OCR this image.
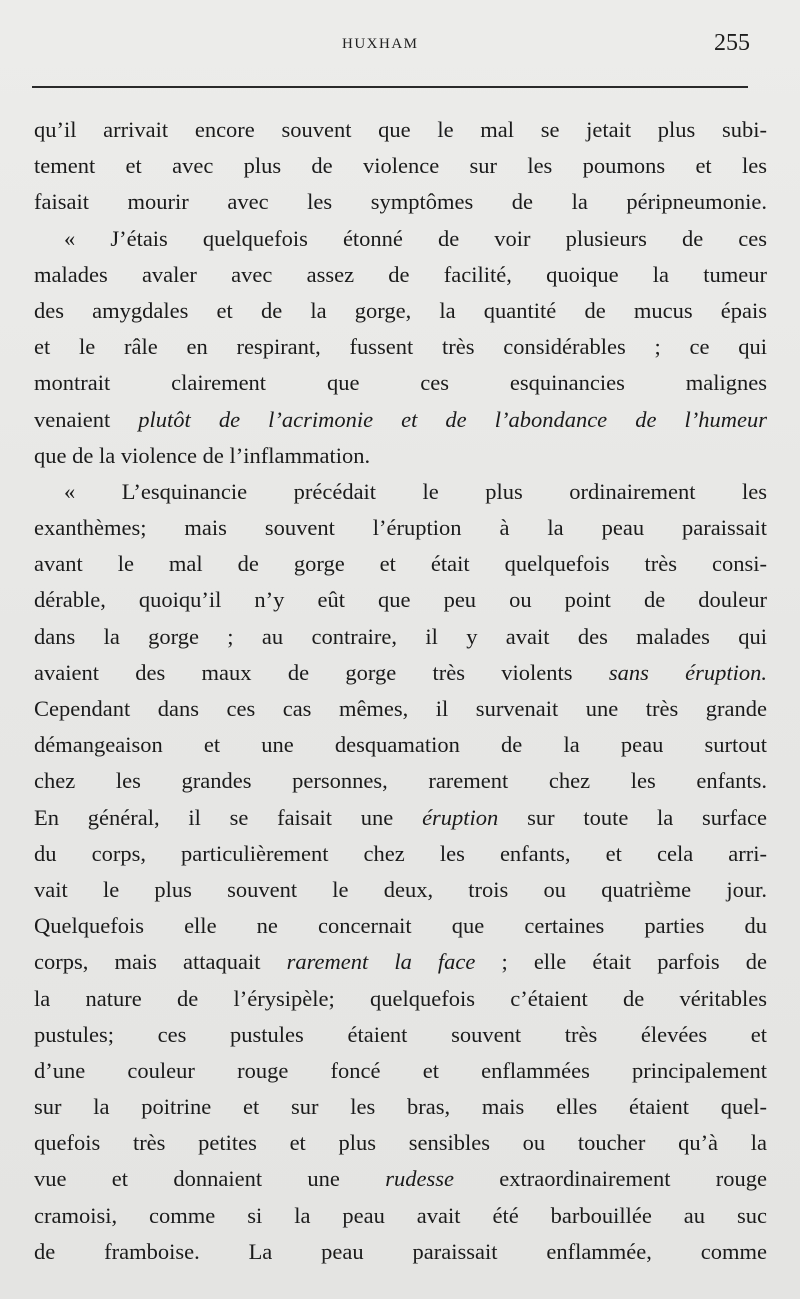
HUXHAM	255
qu’il arrivait encore souvent que le mal se jetait plus subi-
tement et avec plus de violence sur les poumons et les
faisait mourir avec les symptômes de la péripneumonie.
« J’étais quelquefois étonné de voir plusieurs de ces
malades avaler avec assez de facilité, quoique la tumeur
des amygdales et de la gorge, la quantité de mucus épais
et le râle en respirant, fussent très considérables ; ce qui
montrait clairement que ces esquinancies malignes
venaient plutôt de l’acrimonie et de l’abondance de l’humeur
que de la violence de l’inflammation.
« L’esquinancie précédait le plus ordinairement les
exanthèmes; mais souvent l’éruption à la peau paraissait
avant le mal de gorge et était quelquefois très consi-
dérable, quoiqu’il n’y eût que peu ou point de douleur
dans la gorge ; au contraire, il y avait des malades qui
avaient des maux de gorge très violents sans éruption.
Cependant dans ces cas mêmes, il survenait une très grande
démangeaison et une desquamation de la peau surtout
chez les grandes personnes, rarement chez les enfants.
En général, il se faisait une éruption sur toute la surface
du corps, particulièrement chez les enfants, et cela arri-
vait le plus souvent le deux, trois ou quatrième jour.
Quelquefois elle ne concernait que certaines parties du
corps, mais attaquait rarement la face ; elle était parfois de
la nature de l’érysipèle; quelquefois c’étaient de véritables
pustules; ces pustules étaient souvent très élevées et
d’une couleur rouge foncé et enflammées principalement
sur la poitrine et sur les bras, mais elles étaient quel-
quefois très petites et plus sensibles ou toucher qu’à la
vue et donnaient une rudesse extraordinairement rouge
cramoisi, comme si la peau avait été barbouillée au suc
de framboise. La peau paraissait enflammée, comme
